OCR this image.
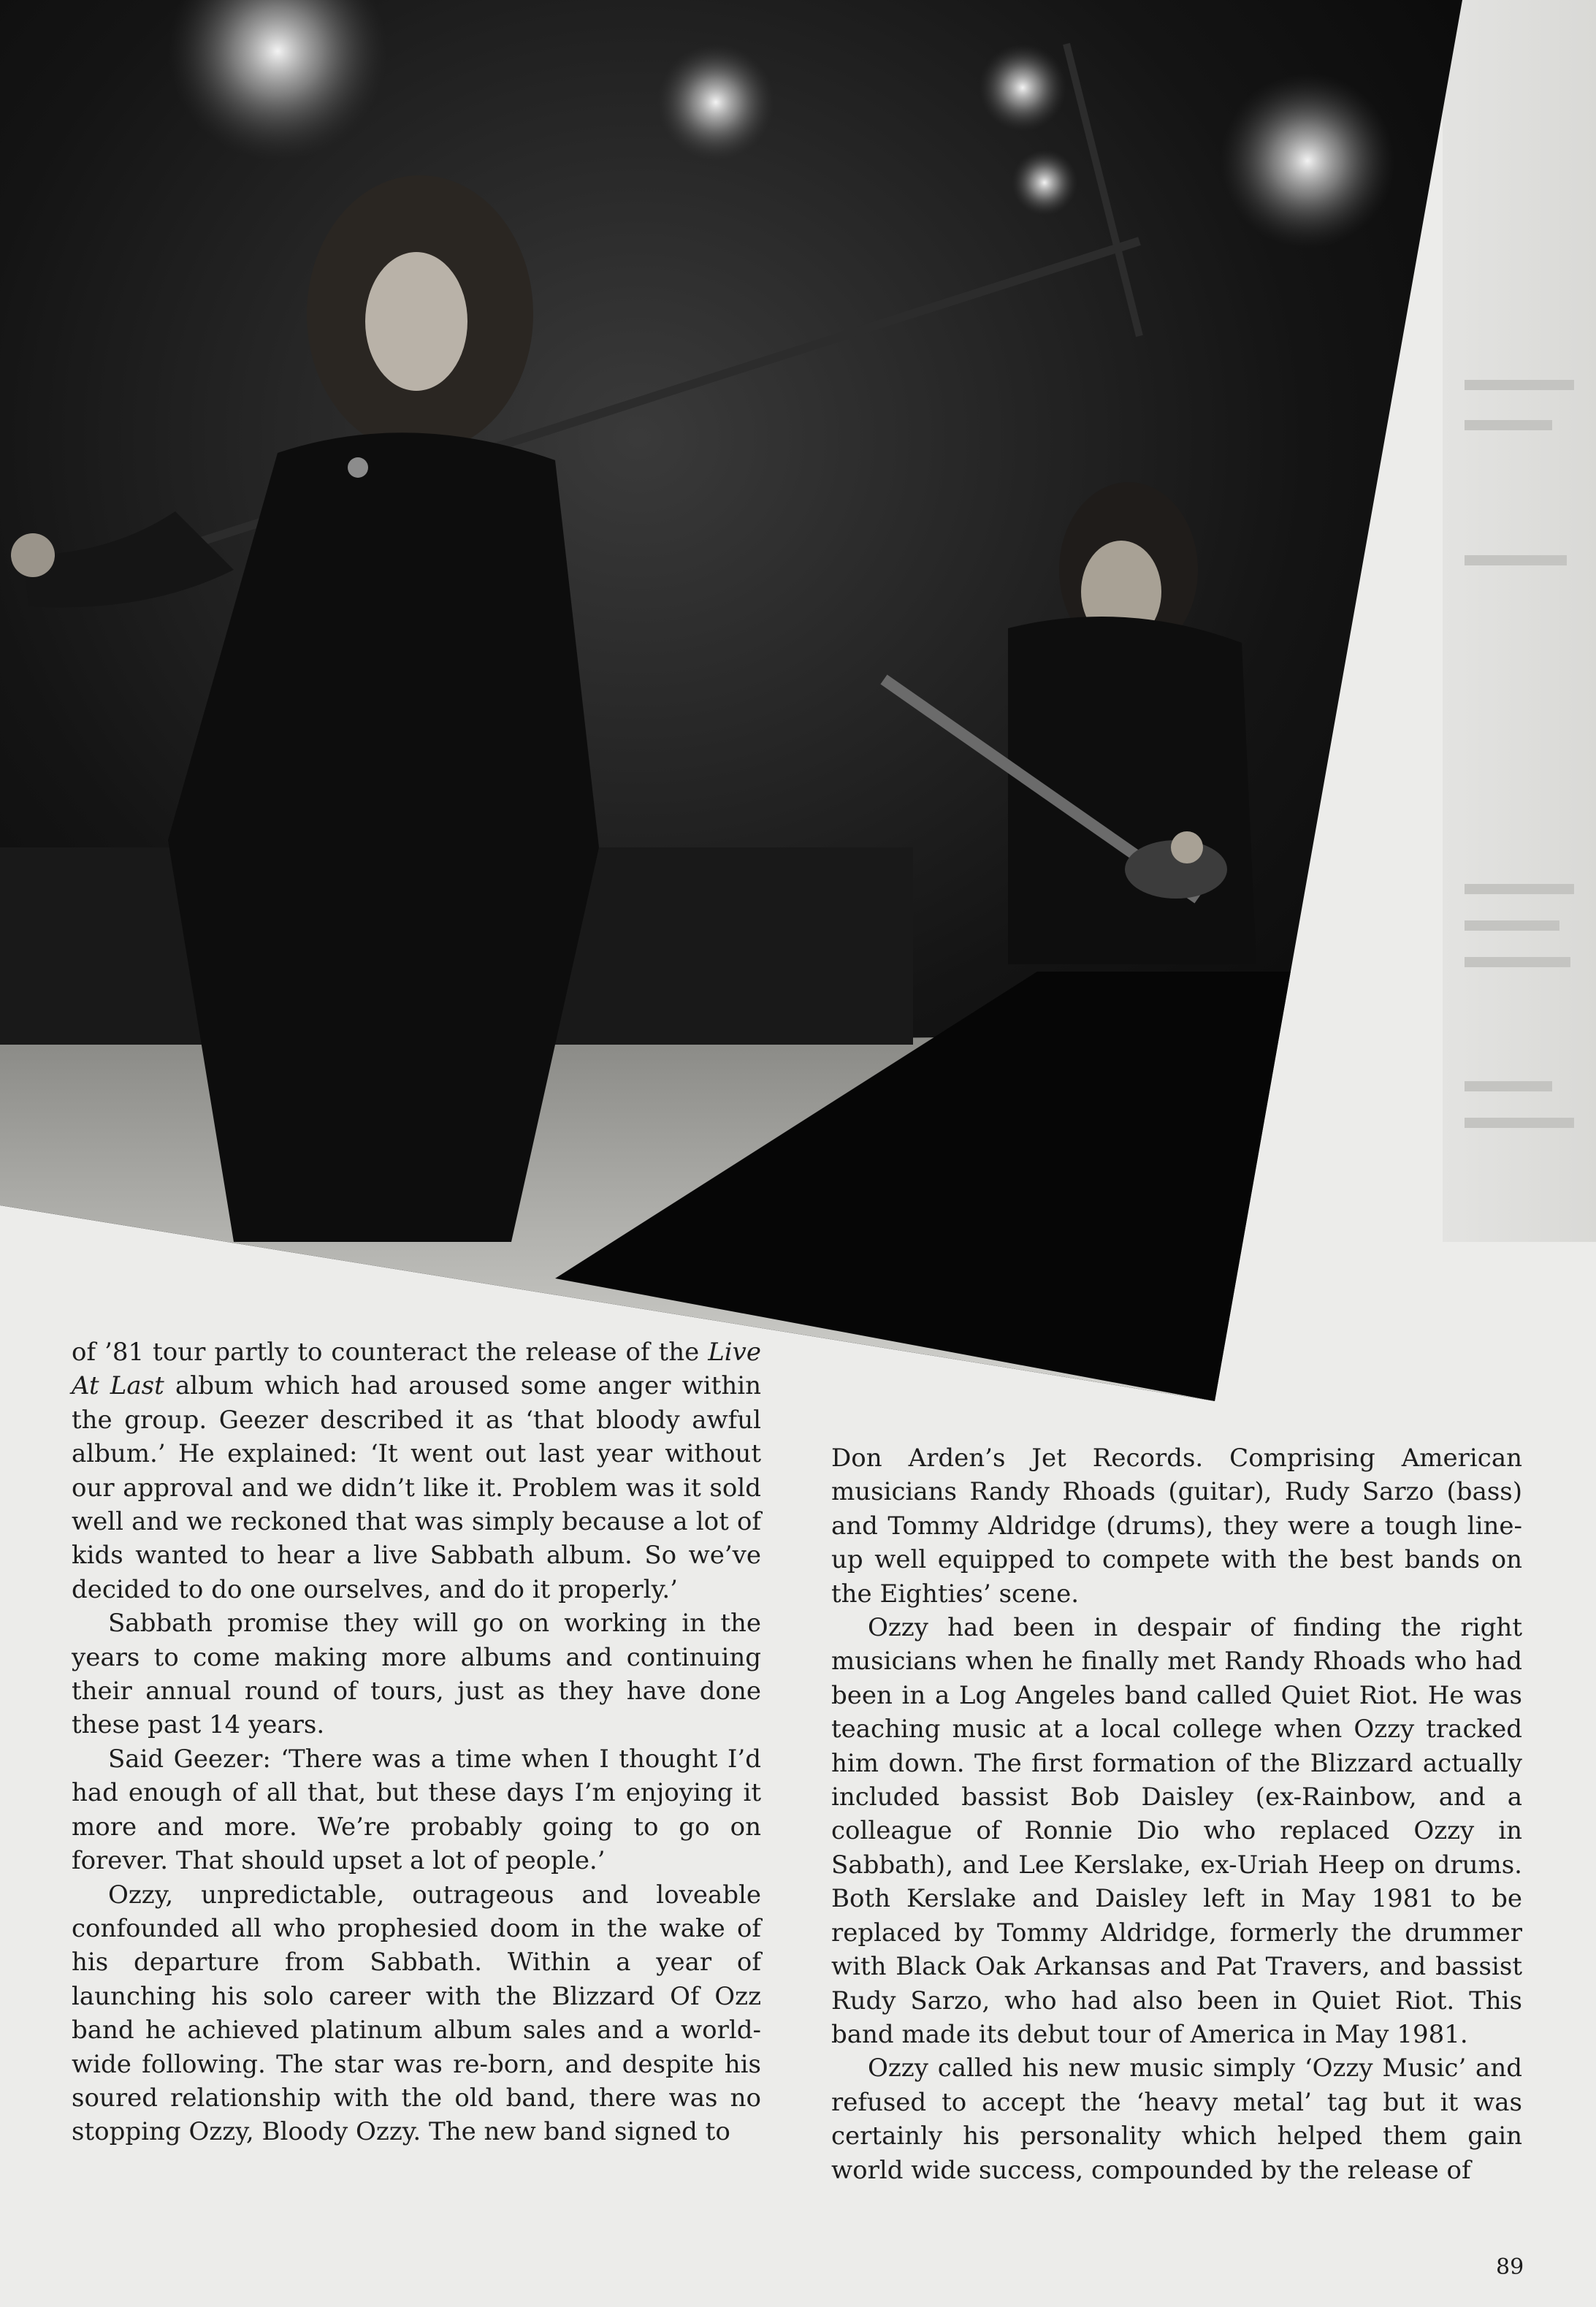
of ’81 tour partly to counteract the release of the Live At Last album which had aroused some anger within the group. Geezer described it as ‘that bloody awful album.’ He explained: ‘It went out last year without our approval and we didn’t like it. Problem was it sold well and we reckoned that was simply because a lot of kids wanted to hear a live Sabbath album. So we’ve decided to do one ourselves, and do it properly.’

Sabbath promise they will go on working in the years to come making more albums and continuing their annual round of tours, just as they have done these past 14 years.

Said Geezer: ‘There was a time when I thought I’d had enough of all that, but these days I’m enjoying it more and more. We’re probably going to go on forever. That should upset a lot of people.’

Ozzy, unpredictable, outrageous and loveable confounded all who prophesied doom in the wake of his departure from Sabbath. Within a year of launching his solo career with the Blizzard Of Ozz band he achieved platinum album sales and a world-wide following. The star was re-born, and despite his soured relationship with the old band, there was no stopping Ozzy, Bloody Ozzy. The new band signed to

Don Arden’s Jet Records. Comprising American musicians Randy Rhoads (guitar), Rudy Sarzo (bass) and Tommy Aldridge (drums), they were a tough line-up well equipped to compete with the best bands on the Eighties’ scene.

Ozzy had been in despair of finding the right musicians when he finally met Randy Rhoads who had been in a Log Angeles band called Quiet Riot. He was teaching music at a local college when Ozzy tracked him down. The first formation of the Blizzard actually included bassist Bob Daisley (ex-Rainbow, and a colleague of Ronnie Dio who replaced Ozzy in Sabbath), and Lee Kerslake, ex-Uriah Heep on drums. Both Kerslake and Daisley left in May 1981 to be replaced by Tommy Aldridge, formerly the drummer with Black Oak Arkansas and Pat Travers, and bassist Rudy Sarzo, who had also been in Quiet Riot. This band made its debut tour of America in May 1981.

Ozzy called his new music simply ‘Ozzy Music’ and refused to accept the ‘heavy metal’ tag but it was certainly his personality which helped them gain world wide success, compounded by the release of

89
